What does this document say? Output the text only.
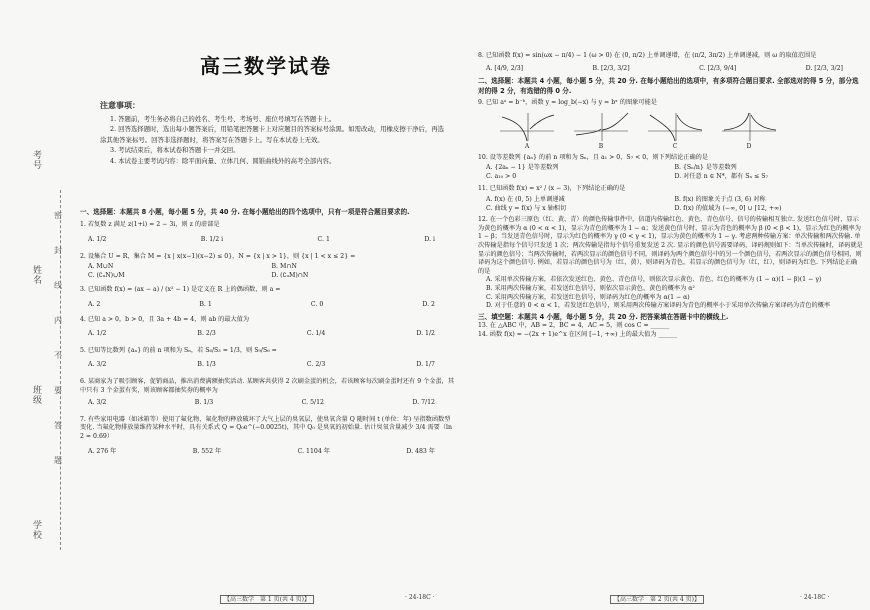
考号
姓名
班级
学校
密
封
线
内
不
要
答
题
高三数学试卷
注意事项：
1. 答题前，考生务必将自己的姓名、考生号、考场号、座位号填写在答题卡上。
2. 回答选择题时，选出每小题答案后，用铅笔把答题卡上对应题目的答案标号涂黑。如需改动，用橡皮擦干净后，再选涂其他答案标号。回答非选择题时，将答案写在答题卡上。写在本试卷上无效。
3. 考试结束后，将本试卷和答题卡一并交回。
4. 本试卷主要考试内容：除平面向量、立体几何、圆锥曲线外的高考全部内容。
一、选择题：本题共 8 小题，每小题 5 分，共 40 分. 在每小题给出的四个选项中，只有一项是符合题目要求的.
1. 若复数 z 满足 z(1+i) = 2 − 3i，则 z 的虚部是
A. 1/2	B. 1/2 i	C. 1	D. i
2. 设集合 U = R，集合 M = {x | x(x−1)(x−2) ≤ 0}，N = {x | x > 1}，则 {x | 1 < x ≤ 2} =
A. M∪N	B. M∩N
C. (∁ᵤN)∪M	D. (∁ᵤM)∩N
3. 已知函数 f(x) = (ax − a) / (x² − 1) 是定义在 R 上的偶函数，则 a =
A. 2	B. 1	C. 0	D. 2
4. 已知 a > 0，b > 0，且 3a + 4b = 4，则 ab 的最大值为
A. 1/2	B. 2/3	C. 1/4	D. 1/2
5. 已知等比数列 {aₙ} 的前 n 项和为 Sₙ，若 S₆/S₃ = 1/3，则 S₉/S₆ =
A. 3/2	B. 1/3	C. 2/3	D. 1/7
6. 某商家为了吸引顾客，促销商品，推出消费满额抽奖活动. 某顾客共获得 2 次刷金蛋的机会，若该顾客每次刷金蛋时还有 9 个金蛋，其中只有 3 个金蛋有奖，则该顾客都抽奖券的概率为
A. 3/2	B. 1/3	C. 5/12	D. 7/12
7. 有些家用电器（如冰箱等）使用了氟化物，氟化物的释放破坏了大气上层的臭氧层，使臭氧含量 Q 随时间 t (单位：年) 呈指数函数型变化. 当氟化物排放量维持某种水平时，具有关系式 Q = Q₀e^(−0.0025t)，其中 Q₀ 是臭氧的初始量. 估计臭氧含量减少 3/4 需要（ln 2 ≈ 0.69）
A. 276 年	B. 552 年	C. 1104 年	D. 483 年
8. 已知函数 f(x) = sin(ωx − π/4) − 1 (ω > 0) 在 (0, π/2) 上单调递增，在 (π/2, 3π/2) 上单调递减，则 ω 的取值范围是
A. [4/9, 2/3]	B. [2/3, 3/2]	C. [2/3, 9/4]	D. [2/3, 3/2]
二、选择题：本题共 4 小题，每小题 5 分，共 20 分. 在每小题给出的选项中，有多项符合题目要求. 全部选对的得 5 分，部分选对的得 2 分，有选错的得 0 分.
9. 已知 aᵃ = b⁻ᵇ，函数 y = log_b(−x) 与 y = bˣ 的图象可能是
A	B	C	D
10. 设等差数列 {aₙ} 的前 n 项和为 Sₙ，且 a₁ > 0，S₇ < 0，则下列结论正确的是
A. {2aₙ − 1} 是等差数列	B. {Sₙ/n} 是等差数列
C. a₁₀ > 0	D. 对任意 n ∈ N*，都有 Sₙ ≤ S₇
11. 已知函数 f(x) = x² / (x − 3)，下列结论正确的是
A. f(x) 在 (0, 5) 上单调递减	B. f(x) 的图象关于点 (3, 6) 对称
C. 曲线 y = f(x) 与 x 轴相切	D. f(x) 的值域为 (−∞, 0] ∪ [12, +∞)
12. 在一个色彩三原色（红、黄、青）的颜色传输事件中，信道内传输红色、黄色、青色信号，信号的传输相互独立. 发送红色信号时，显示为黄色的概率为 α (0 < α < 1)，显示为青色的概率为 1 − α；发送黄色信号时，显示为青色的概率为 β (0 < β < 1)，显示为红色的概率为 1 − β；当发送青色信号时，显示为红色的概率为 γ (0 < γ < 1)，显示为黄色的概率为 1 − γ. 考虑两种传输方案：单次传输和两次传输. 单次传输是指每个信号只发送 1 次；两次传输是指每个信号重复发送 2 次. 显示的颜色信号需要译码，译码规则如下：当单次传输时，译码就是显示的颜色信号；当两次传输时，若两次显示的颜色信号不同，则译码为两个颜色信号中的另一个颜色信号，若两次显示的颜色信号相同，则译码为这个颜色信号. 例如，若显示的颜色信号为（红，黄），则译码为青色，若显示的颜色信号为（红，红），则译码为红色. 下列结论正确的是
A. 采用单次传输方案，若依次发送红色、黄色、青色信号，则依次显示黄色、青色、红色的概率为 (1 − α)(1 − β)(1 − γ)
B. 采用两次传输方案，若发送红色信号，则依次显示黄色、黄色的概率为 α²
C. 采用两次传输方案，若发送红色信号，则译码为红色的概率为 α(1 − α)
D. 对于任意的 0 < α < 1，若发送红色信号，则采用两次传输方案译码为青色的概率小于采用单次传输方案译码为青色的概率
三、填空题：本题共 4 小题，每小题 5 分，共 20 分. 把答案填在答题卡中的横线上.
13. 在 △ABC 中，AB = 2，BC = 4，AC = 5，则 cos C = ______
14. 函数 f(x) = −(2x + 1)e^x 在区间 [−1, +∞) 上的最大值为 ______
【高三数学　第 1 页(共 4 页)】	· 24-18C ·	【高三数学　第 2 页(共 4 页)】	· 24-18C ·
